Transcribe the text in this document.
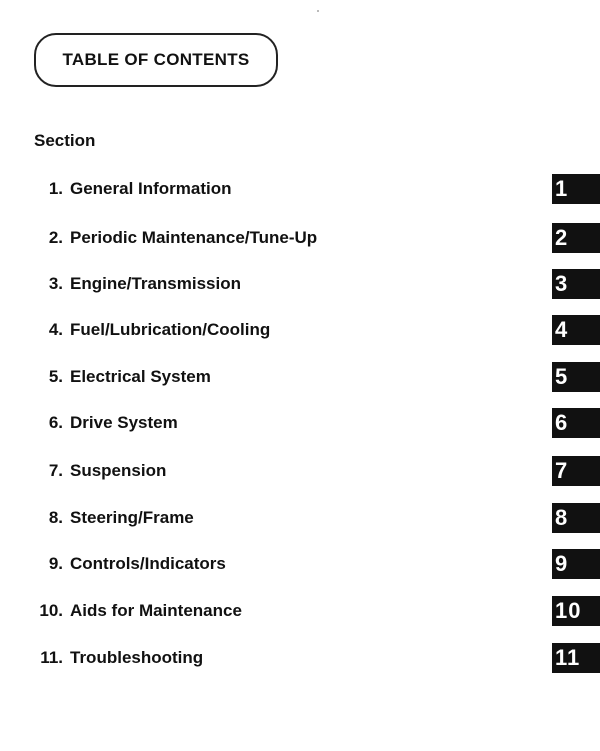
TABLE OF CONTENTS
Section
1. General Information	1
2. Periodic Maintenance/Tune-Up	2
3. Engine/Transmission	3
4. Fuel/Lubrication/Cooling	4
5. Electrical System	5
6. Drive System	6
7. Suspension	7
8. Steering/Frame	8
9. Controls/Indicators	9
10. Aids for Maintenance	10
11. Troubleshooting	11
